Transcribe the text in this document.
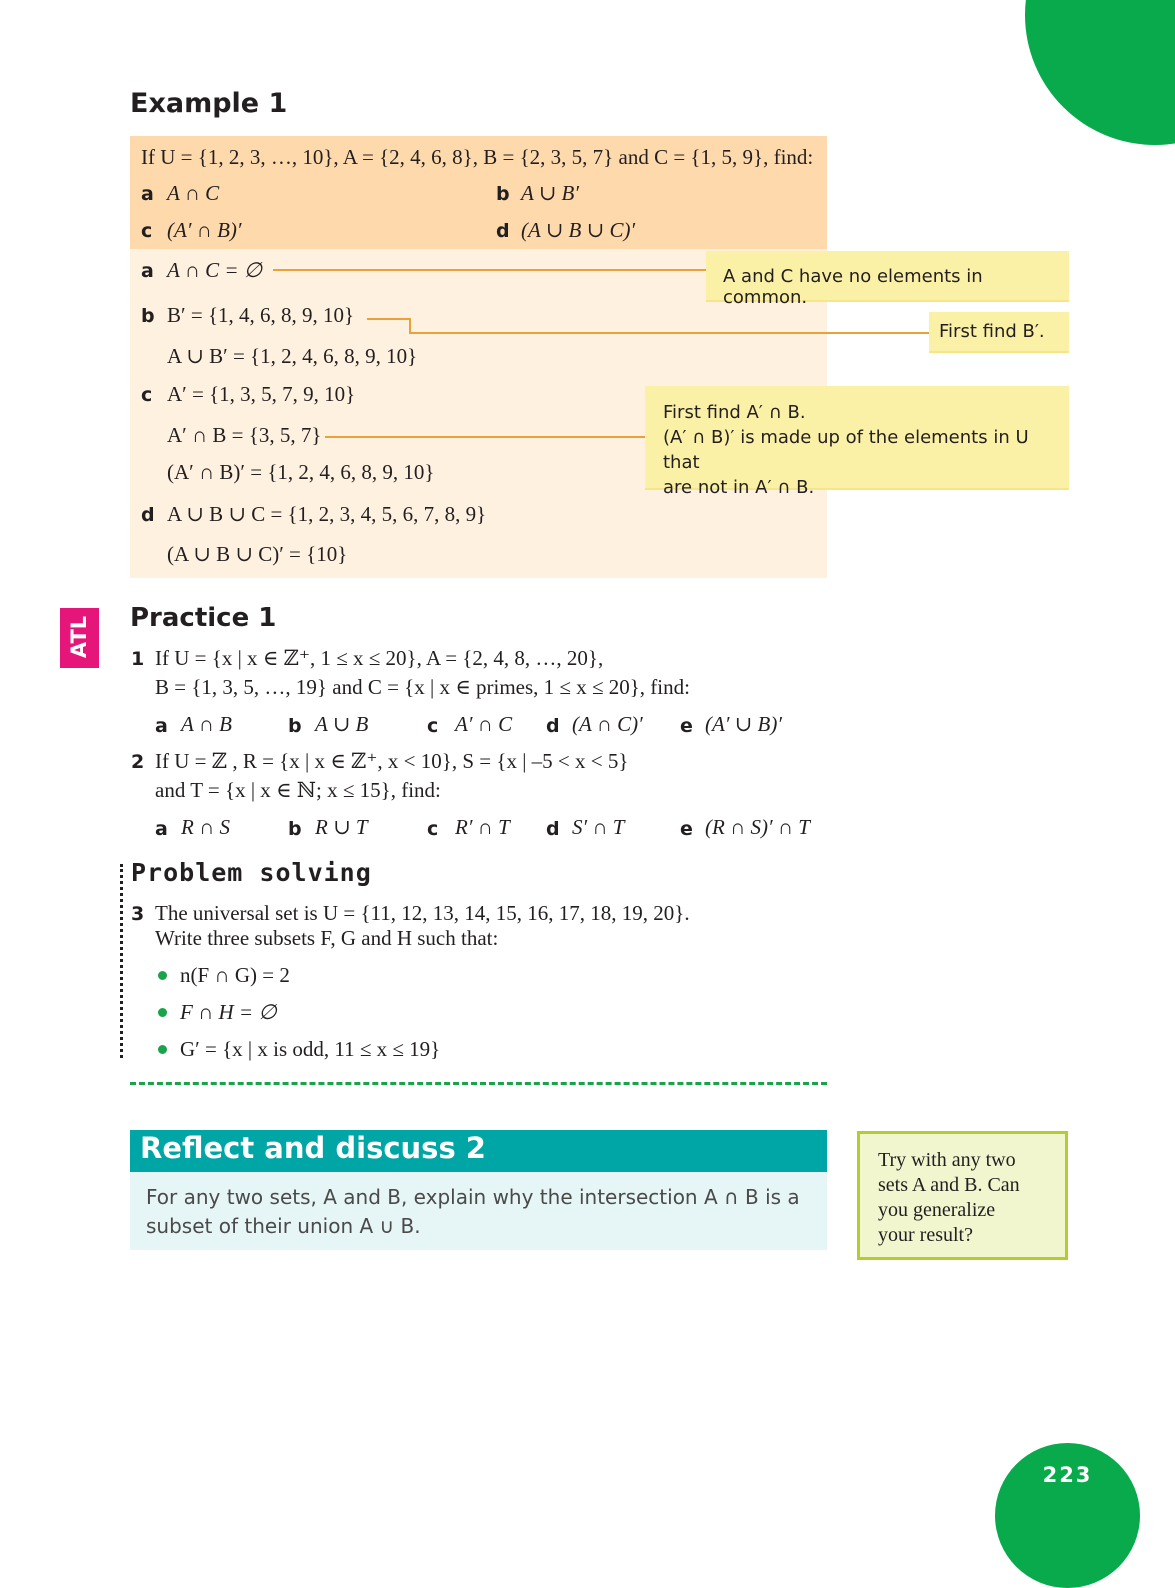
Example 1
If U = {1, 2, 3, …, 10}, A = {2, 4, 6, 8}, B = {2, 3, 5, 7} and C = {1, 5, 9}, find:
a A ∩ C	b A ∪ B′
c (A′ ∩ B)′	d (A ∪ B ∪ C)′
a A ∩ C = ∅
b B′ = {1, 4, 6, 8, 9, 10}
A ∪ B′ = {1, 2, 4, 6, 8, 9, 10}
c A′ = {1, 3, 5, 7, 9, 10}
A′ ∩ B = {3, 5, 7}
(A′ ∩ B)′ = {1, 2, 4, 6, 8, 9, 10}
d A ∪ B ∪ C = {1, 2, 3, 4, 5, 6, 7, 8, 9}
(A ∪ B ∪ C)′ = {10}
A and C have no elements in common.
First find B′.
First find A′ ∩ B.
(A′ ∩ B)′ is made up of the elements in U that
are not in A′ ∩ B.
ATL Practice 1
1 If U = {x | x ∈ ℤ⁺, 1 ≤ x ≤ 20}, A = {2, 4, 8, …, 20},
B = {1, 3, 5, …, 19} and C = {x | x ∈ primes, 1 ≤ x ≤ 20}, find:
a A ∩ B	b A ∪ B	c A′ ∩ C d (A ∩ C)′ e (A′ ∪ B)′
2 If U = ℤ , R = {x | x ∈ ℤ⁺, x < 10}, S = {x | –5 < x < 5}
and T = {x | x ∈ ℕ; x ≤ 15}, find:
a R ∩ S	b R ∪ T	c R′ ∩ T d S′ ∩ T	e (R ∩ S)′ ∩ T
Problem solving
3 The universal set is U = {11, 12, 13, 14, 15, 16, 17, 18, 19, 20}.
Write three subsets F, G and H such that:
n(F ∩ G) = 2
F ∩ H = ∅
G′ = {x | x is odd, 11 ≤ x ≤ 19}
Reflect and discuss 2
For any two sets, A and B, explain why the intersection A ∩ B is a
subset of their union A ∪ B.
Try with any two
sets A and B. Can
you generalize
your result?
223
